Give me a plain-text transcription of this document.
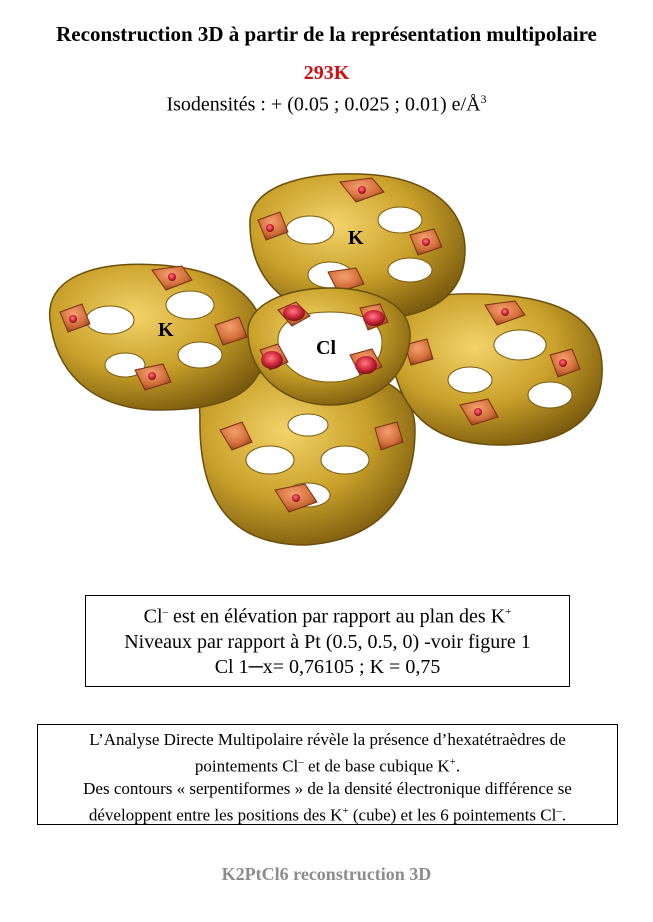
Reconstruction 3D à partir de la représentation multipolaire
293K
Isodensités : + (0.05 ; 0.025 ; 0.01) $e/Å^3$
K
K
Cl
Cl– est en élévation par rapport au plan des K+
Niveaux par rapport à Pt (0.5, 0.5, 0) -voir figure 1
Cl 1─x= 0,76105 ; K = 0,75
L’Analyse Directe Multipolaire révèle la présence d’hexatétraèdres de
pointements Cl– et de base cubique K+.
Des contours « serpentiformes » de la densité électronique différence se
développent entre les positions des K+ (cube) et les 6 pointements Cl–.
K2PtCl6 reconstruction 3D
